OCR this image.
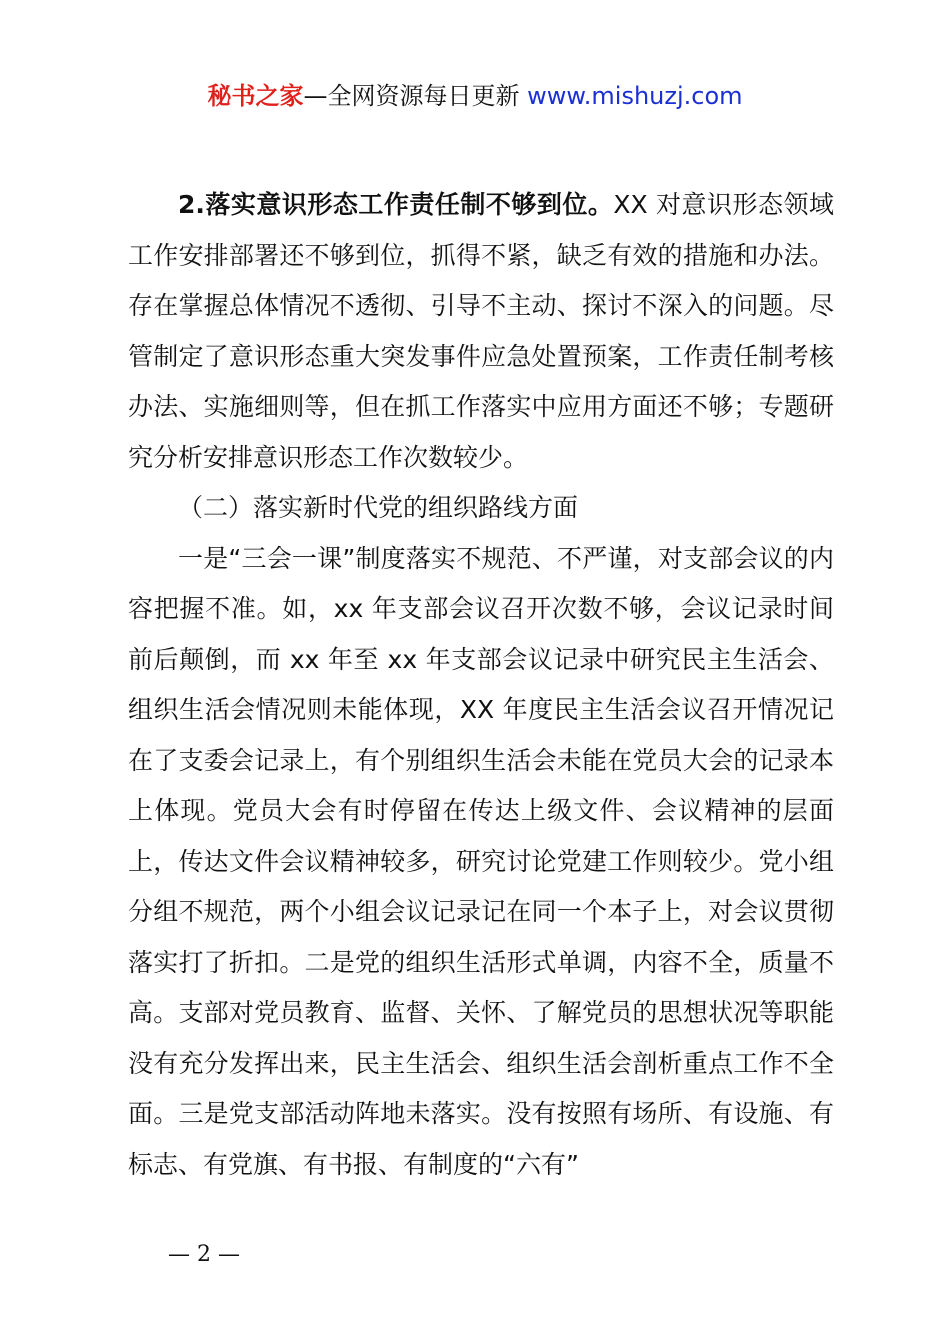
秘书之家—全网资源每日更新 www.mishuzj.com

2.落实意识形态工作责任制不够到位。XX 对意识形态领域工作安排部署还不够到位，抓得不紧，缺乏有效的措施和办法。存在掌握总体情况不透彻、引导不主动、探讨不深入的问题。尽管制定了意识形态重大突发事件应急处置预案，工作责任制考核办法、实施细则等，但在抓工作落实中应用方面还不够；专题研究分析安排意识形态工作次数较少。

（二）落实新时代党的组织路线方面

一是“三会一课”制度落实不规范、不严谨，对支部会议的内容把握不准。如，xx 年支部会议召开次数不够，会议记录时间前后颠倒，而 xx 年至 xx 年支部会议记录中研究民主生活会、组织生活会情况则未能体现，XX 年度民主生活会议召开情况记在了支委会记录上，有个别组织生活会未能在党员大会的记录本上体现。党员大会有时停留在传达上级文件、会议精神的层面上，传达文件会议精神较多，研究讨论党建工作则较少。党小组分组不规范，两个小组会议记录记在同一个本子上，对会议贯彻落实打了折扣。二是党的组织生活形式单调，内容不全，质量不高。支部对党员教育、监督、关怀、了解党员的思想状况等职能没有充分发挥出来，民主生活会、组织生活会剖析重点工作不全面。三是党支部活动阵地未落实。没有按照有场所、有设施、有标志、有党旗、有书报、有制度的“六有”

— 2 —
